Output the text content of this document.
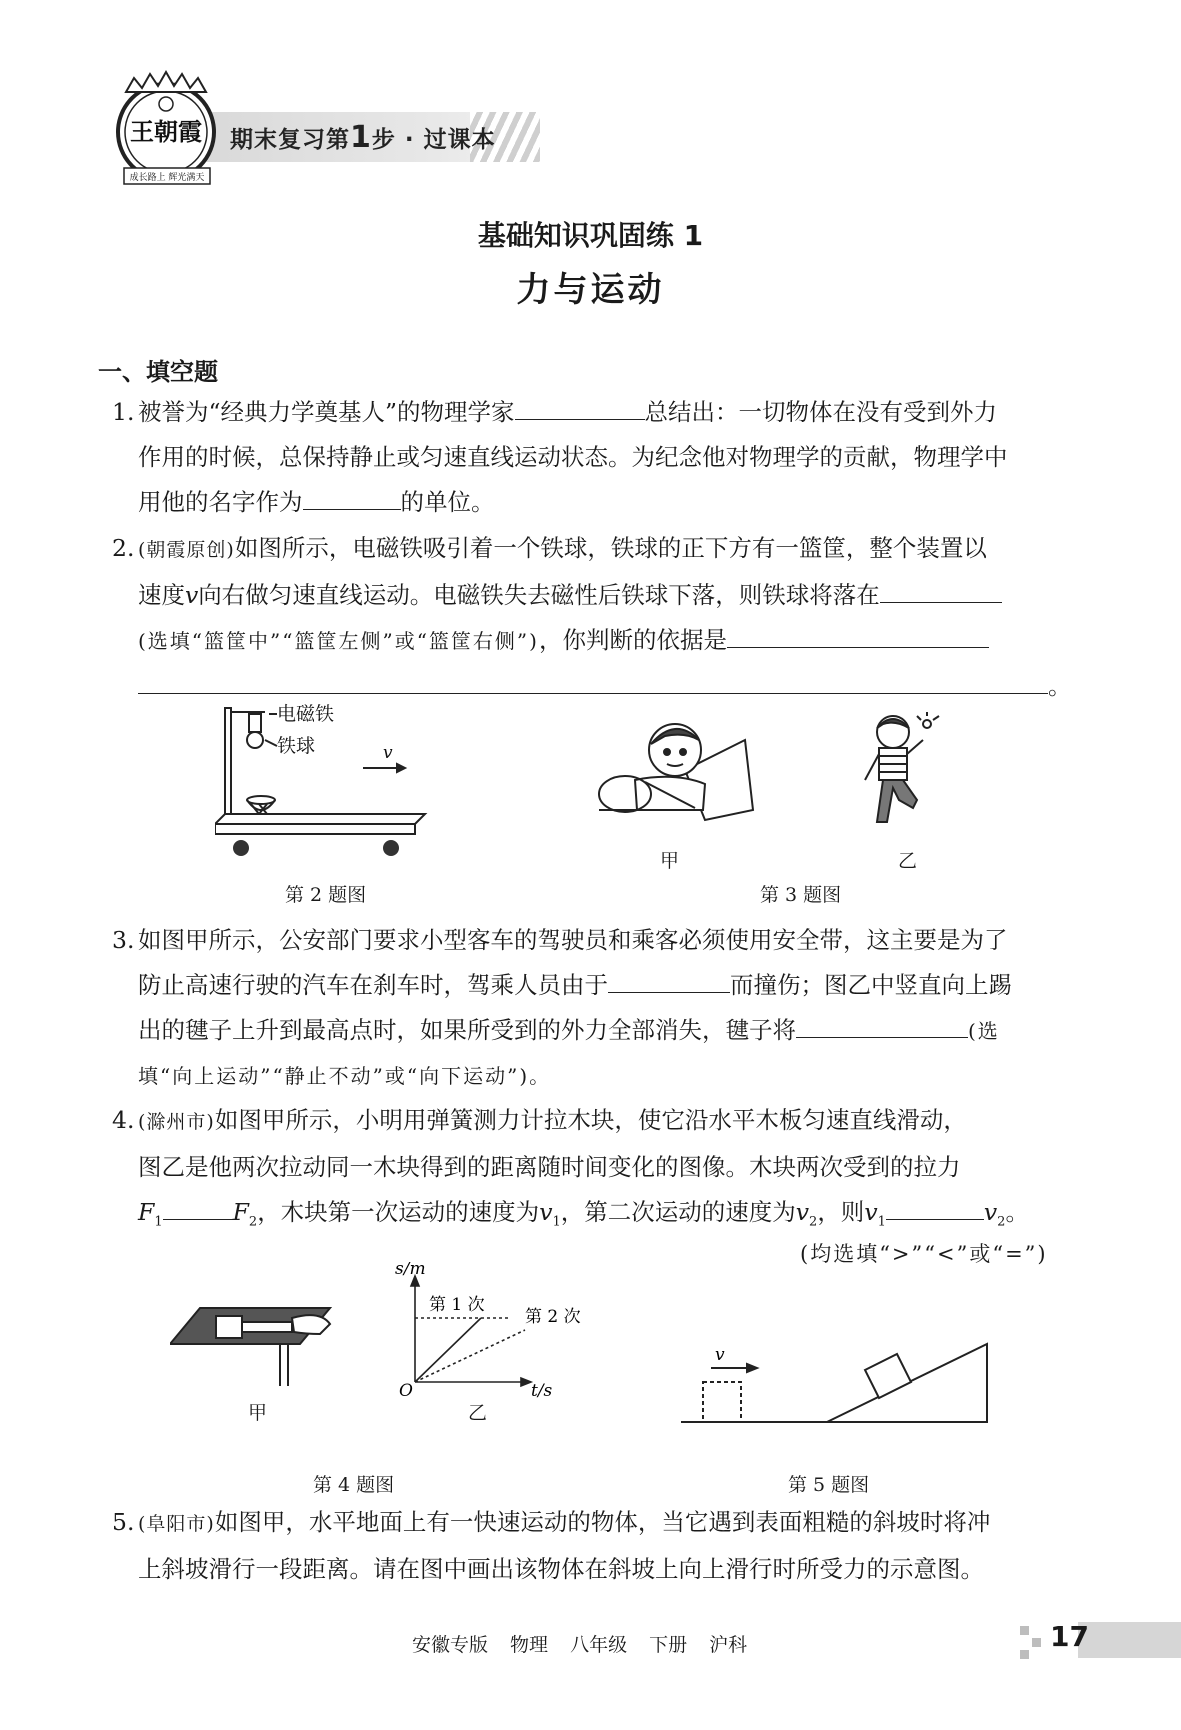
期末复习第1步 · 过课本
王朝霞
成长路上 辉光满天
基础知识巩固练 1
力与运动
一、填空题
1. 被誉为“经典力学奠基人”的物理学家	总结出：一切物体在没有受到外力
作用的时候，总保持静止或匀速直线运动状态。为纪念他对物理学的贡献，物理学中
用他的名字作为	的单位。
2. (朝霞原创)如图所示，电磁铁吸引着一个铁球，铁球的正下方有一篮筐，整个装置以
速度v向右做匀速直线运动。电磁铁失去磁性后铁球下落，则铁球将落在
(选填“篮筐中”“篮筐左侧”或“篮筐右侧”)，你判断的依据是
。
电磁铁
铁球	v
第 2 题图
甲	乙
第 3 题图
3. 如图甲所示，公安部门要求小型客车的驾驶员和乘客必须使用安全带，这主要是为了
防止高速行驶的汽车在刹车时，驾乘人员由于	而撞伤；图乙中竖直向上踢
出的毽子上升到最高点时，如果所受到的外力全部消失，毽子将	(选
填“向上运动”“静止不动”或“向下运动”)。
4. (滁州市)如图甲所示，小明用弹簧测力计拉木块，使它沿水平木板匀速直线滑动，
图乙是他两次拉动同一木块得到的距离随时间变化的图像。木块两次受到的拉力
$F_1$	$F_2$，木块第一次运动的速度为$v_1$，第二次运动的速度为$v_2$，则$v_1$	$v_2$。
(均选填“>”“<”或“=”)
甲
s/m
t/s
O
第 1 次
第 2 次
乙
第 4 题图
v
第 5 题图
5. (阜阳市)如图甲，水平地面上有一快速运动的物体，当它遇到表面粗糙的斜坡时将冲
上斜坡滑行一段距离。请在图中画出该物体在斜坡上向上滑行时所受力的示意图。
安徽专版 物理 八年级 下册 沪科	17
